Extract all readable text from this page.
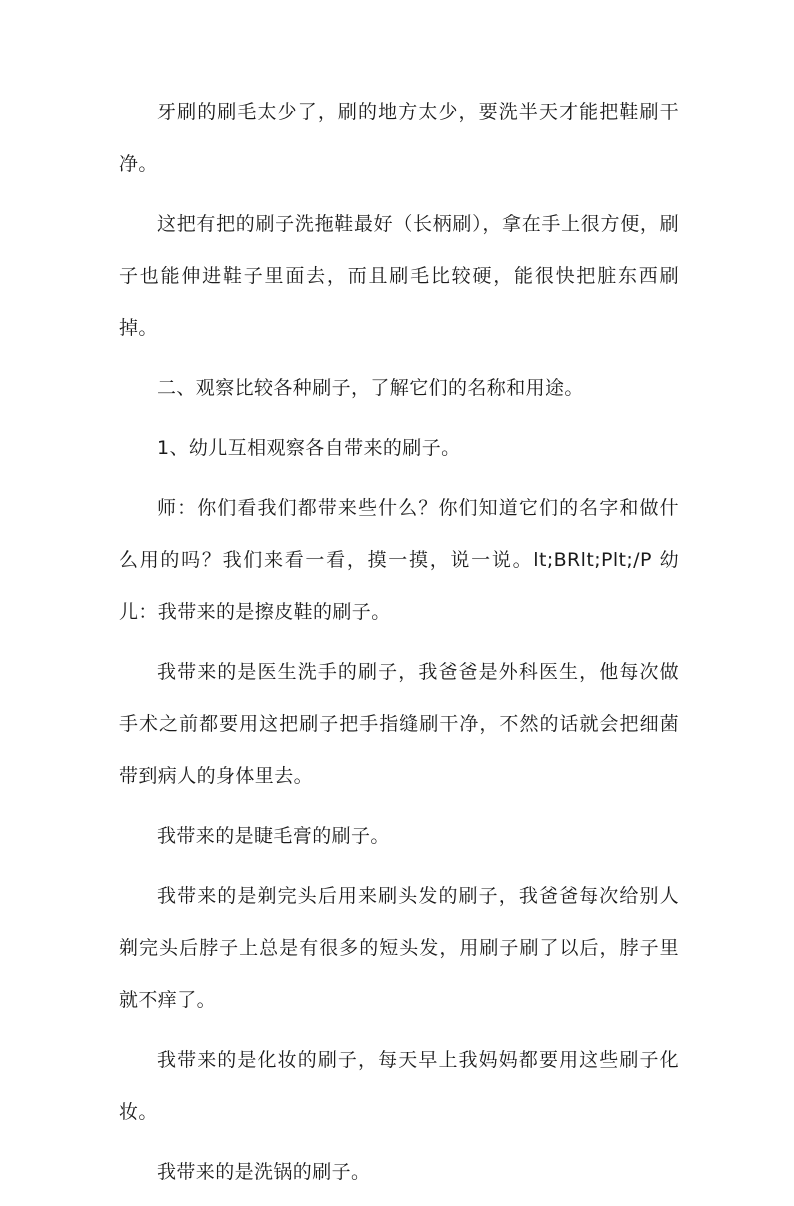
牙刷的刷毛太少了，刷的地方太少，要洗半天才能把鞋刷干净。

这把有把的刷子洗拖鞋最好（长柄刷），拿在手上很方便，刷子也能伸进鞋子里面去，而且刷毛比较硬，能很快把脏东西刷掉。

二、观察比较各种刷子，了解它们的名称和用途。

1、幼儿互相观察各自带来的刷子。

师：你们看我们都带来些什么？你们知道它们的名字和做什么用的吗？我们来看一看，摸一摸，说一说。lt;BRlt;Plt;/P 幼儿：我带来的是擦皮鞋的刷子。

我带来的是医生洗手的刷子，我爸爸是外科医生，他每次做手术之前都要用这把刷子把手指缝刷干净，不然的话就会把细菌带到病人的身体里去。

我带来的是睫毛膏的刷子。

我带来的是剃完头后用来刷头发的刷子，我爸爸每次给别人剃完头后脖子上总是有很多的短头发，用刷子刷了以后，脖子里就不痒了。

我带来的是化妆的刷子，每天早上我妈妈都要用这些刷子化妆。

我带来的是洗锅的刷子。
